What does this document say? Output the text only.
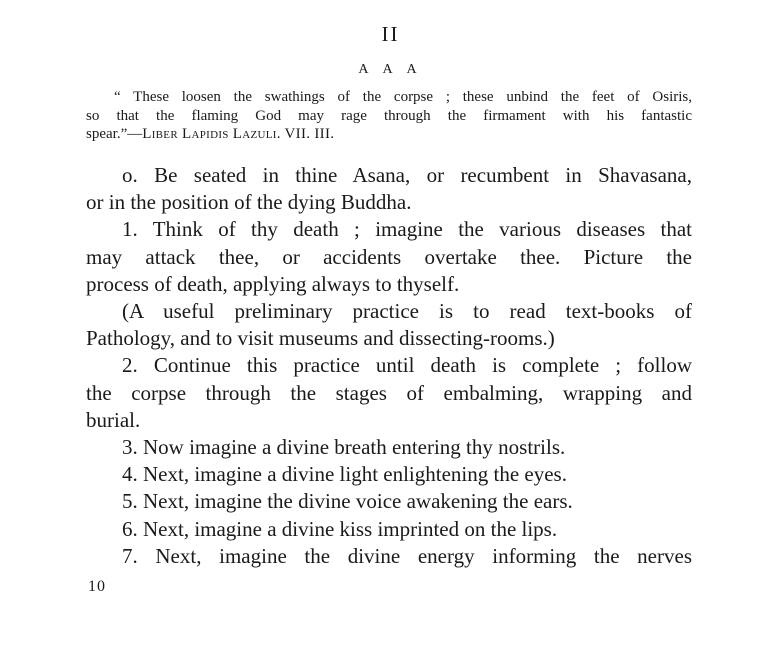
II
A A A
“ These loosen the swathings of the corpse ; these unbind the feet of Osiris,
so that the flaming God may rage through the firmament with his fantastic
spear.”—Liber Lapidis Lazuli. VII. III.
o. Be seated in thine Asana, or recumbent in Shavasana,
or in the position of the dying Buddha.
1. Think of thy death ; imagine the various diseases that
may attack thee, or accidents overtake thee. Picture the
process of death, applying always to thyself.
(A useful preliminary practice is to read text-books of
Pathology, and to visit museums and dissecting-rooms.)
2. Continue this practice until death is complete ; follow
the corpse through the stages of embalming, wrapping and
burial.
3. Now imagine a divine breath entering thy nostrils.
4. Next, imagine a divine light enlightening the eyes.
5. Next, imagine the divine voice awakening the ears.
6. Next, imagine a divine kiss imprinted on the lips.
7. Next, imagine the divine energy informing the nerves
10
